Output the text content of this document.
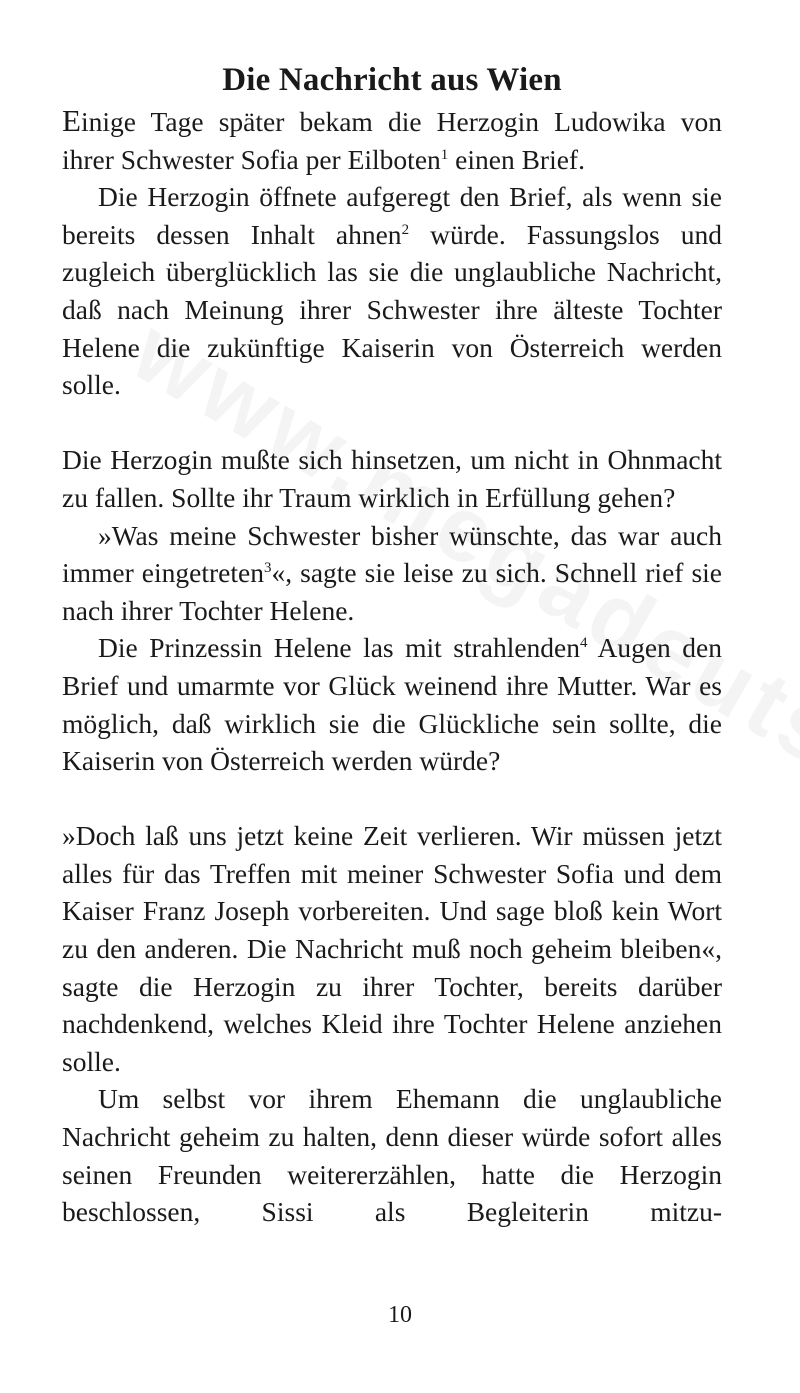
Die Nachricht aus Wien

Einige Tage später bekam die Herzogin Ludowika von ihrer Schwester Sofia per Eilboten$^1$ einen Brief.

Die Herzogin öffnete aufgeregt den Brief, als wenn sie bereits dessen Inhalt ahnen$^2$ würde. Fassungslos und zugleich überglücklich las sie die unglaubliche Nachricht, daß nach Meinung ihrer Schwester ihre älteste Tochter Helene die zukünftige Kaiserin von Österreich werden solle.

Die Herzogin mußte sich hinsetzen, um nicht in Ohnmacht zu fallen. Sollte ihr Traum wirklich in Erfüllung gehen?

»Was meine Schwester bisher wünschte, das war auch immer eingetreten$^3$«, sagte sie leise zu sich. Schnell rief sie nach ihrer Tochter Helene.

Die Prinzessin Helene las mit strahlenden$^4$ Augen den Brief und umarmte vor Glück weinend ihre Mutter. War es möglich, daß wirklich sie die Glückliche sein sollte, die Kaiserin von Österreich werden würde?

»Doch laß uns jetzt keine Zeit verlieren. Wir müssen jetzt alles für das Treffen mit meiner Schwester Sofia und dem Kaiser Franz Joseph vorbereiten. Und sage bloß kein Wort zu den anderen. Die Nachricht muß noch geheim bleiben«, sagte die Herzogin zu ihrer Tochter, bereits darüber nachdenkend, welches Kleid ihre Tochter Helene anziehen solle.

Um selbst vor ihrem Ehemann die unglaubliche Nachricht geheim zu halten, denn dieser würde sofort alles seinen Freunden weitererzählen, hatte die Herzogin beschlossen, Sissi als Begleiterin mitzu-

10
